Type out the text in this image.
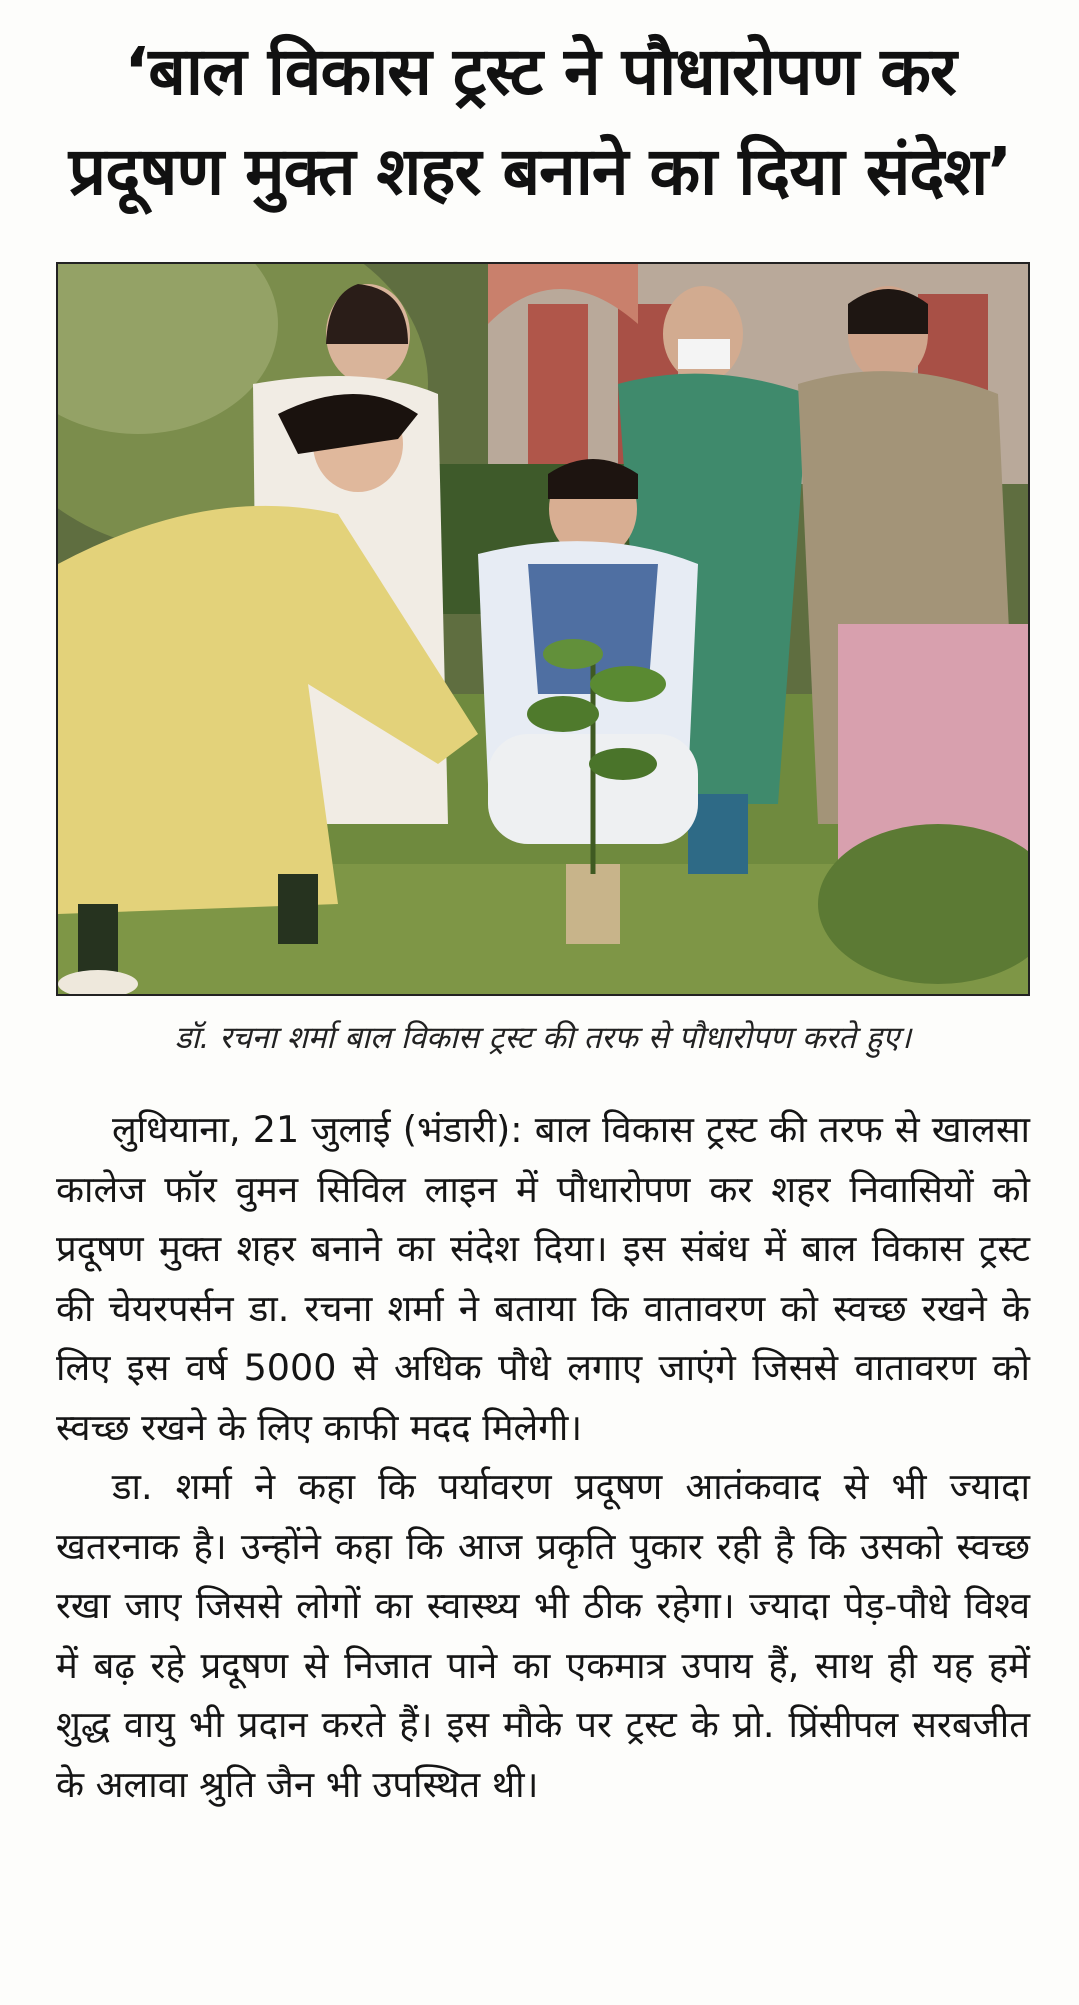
‘बाल विकास ट्रस्ट ने पौधारोपण कर
प्रदूषण मुक्त शहर बनाने का दिया संदेश’
डॉ. रचना शर्मा बाल विकास ट्रस्ट की तरफ से पौधारोपण करते हुए।

लुधियाना, 21 जुलाई (भंडारी): बाल विकास ट्रस्ट की तरफ से खालसा कालेज फॉर वुमन सिविल लाइन में पौधारोपण कर शहर निवासियों को प्रदूषण मुक्त शहर बनाने का संदेश दिया। इस संबंध में बाल विकास ट्रस्ट की चेयरपर्सन डा. रचना शर्मा ने बताया कि वातावरण को स्वच्छ रखने के लिए इस वर्ष 5000 से अधिक पौधे लगाए जाएंगे जिससे वातावरण को स्वच्छ रखने के लिए काफी मदद मिलेगी।

डा. शर्मा ने कहा कि पर्यावरण प्रदूषण आतंकवाद से भी ज्यादा खतरनाक है। उन्होंने कहा कि आज प्रकृति पुकार रही है कि उसको स्वच्छ रखा जाए जिससे लोगों का स्वास्थ्य भी ठीक रहेगा। ज्यादा पेड़-पौधे विश्व में बढ़ रहे प्रदूषण से निजात पाने का एकमात्र उपाय हैं, साथ ही यह हमें शुद्ध वायु भी प्रदान करते हैं। इस मौके पर ट्रस्ट के प्रो. प्रिंसीपल सरबजीत के अलावा श्रुति जैन भी उपस्थित थी।
